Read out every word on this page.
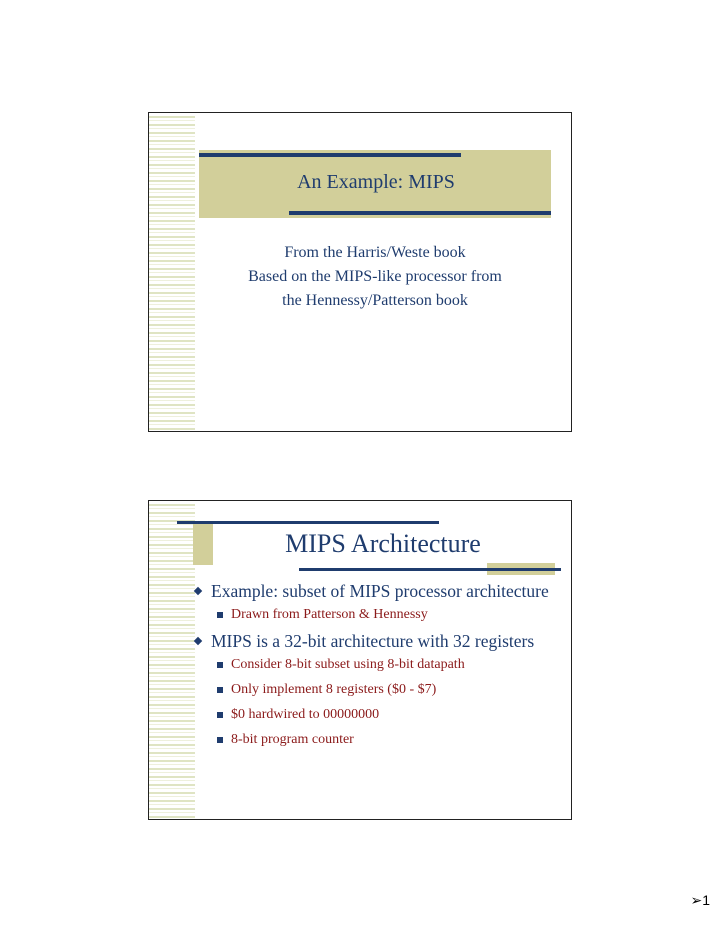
An Example: MIPS
From the Harris/Weste book
Based on the MIPS-like processor from
the Hennessy/Patterson book
MIPS Architecture
Example: subset of MIPS processor architecture
Drawn from Patterson & Hennessy
MIPS is a 32-bit architecture with 32 registers
Consider 8-bit subset using 8-bit datapath
Only implement 8 registers ($0 - $7)
$0 hardwired to 00000000
8-bit program counter
➢1
